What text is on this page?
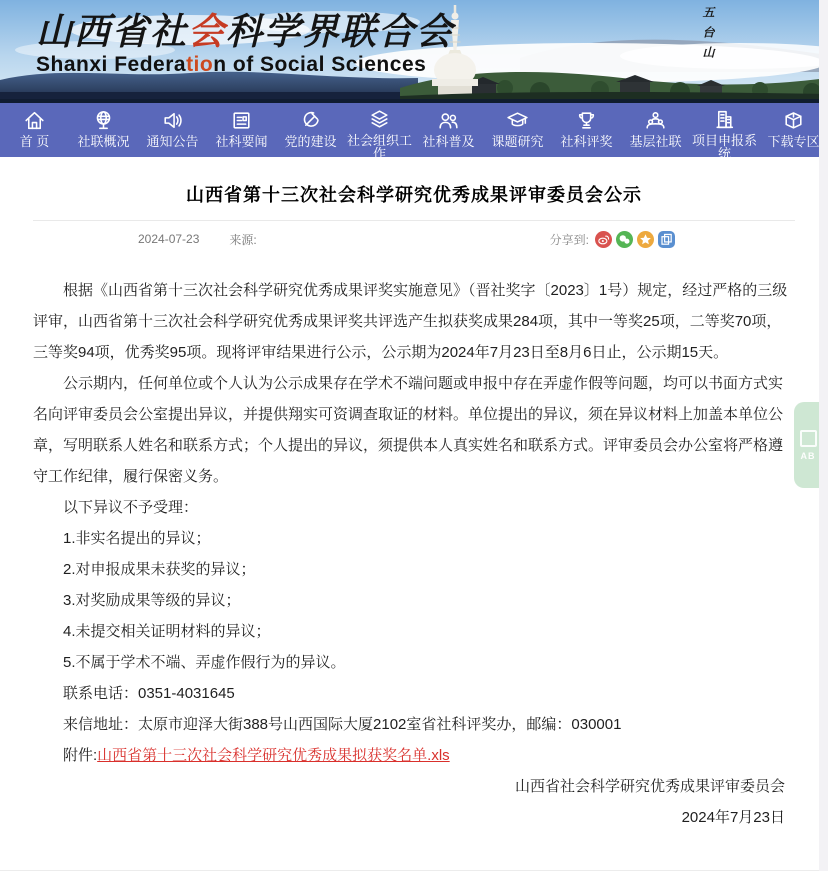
山西省社会科学界联合会
Shanxi Federation of Social Sciences	五台山
首 页 社联概况 通知公告 社科要闻 党的建设 社会组织工作
社科普及 课题研究 社科评奖 基层社联 项目申报系统
下载专区
山西省第十三次社会科学研究优秀成果评审委员会公示
2024-07-23	来源:	分享到:

根据《山西省第十三次社会科学研究优秀成果评奖实施意见》（晋社奖字〔2023〕1号）规定，经过严格的三级评审，山西省第十三次社会科学研究优秀成果评奖共评选产生拟获奖成果284项，其中一等奖25项，二等奖70项，三等奖94项，优秀奖95项。现将评审结果进行公示，公示期为2024年7月23日至8月6日止，公示期15天。

公示期内，任何单位或个人认为公示成果存在学术不端问题或申报中存在弄虚作假等问题，均可以书面方式实名向评审委员会公室提出异议，并提供翔实可资调查取证的材料。单位提出的异议，须在异议材料上加盖本单位公章，写明联系人姓名和联系方式；个人提出的异议，须提供本人真实姓名和联系方式。评审委员会办公室将严格遵守工作纪律，履行保密义务。

以下异议不予受理：

1.非实名提出的异议；

2.对申报成果未获奖的异议；

3.对奖励成果等级的异议；

4.未提交相关证明材料的异议；

5.不属于学术不端、弄虚作假行为的异议。

联系电话：0351-4031645

来信地址：太原市迎泽大街388号山西国际大厦2102室省社科评奖办，邮编：030001

附件:山西省第十三次社会科学研究优秀成果拟获奖名单.xls

山西省社会科学研究优秀成果评审委员会

2024年7月23日

AB
